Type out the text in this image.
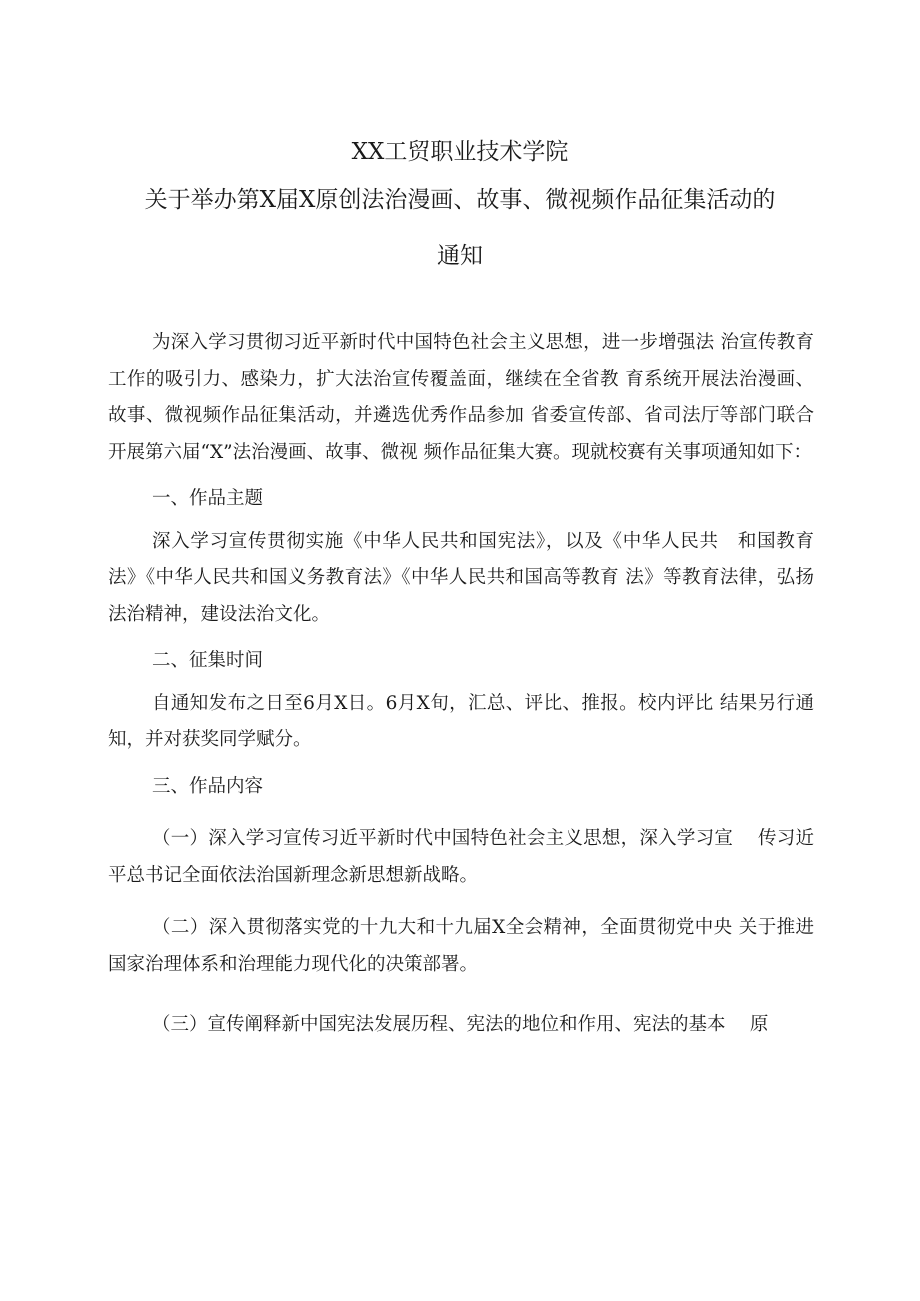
XX工贸职业技术学院
关于举办第X届X原创法治漫画、故事、微视频作品征集活动的
通知

为深入学习贯彻习近平新时代中国特色社会主义思想，进一步增强法 治宣传教育工作的吸引力、感染力，扩大法治宣传覆盖面，继续在全省教 育系统开展法治漫画、故事、微视频作品征集活动，并遴选优秀作品参加 省委宣传部、省司法厅等部门联合开展第六届“X”法治漫画、故事、微视 频作品征集大赛。现就校赛有关事项通知如下：

一、作品主题

深入学习宣传贯彻实施《中华人民共和国宪法》，以及《中华人民共　和国教育法》《中华人民共和国义务教育法》《中华人民共和国高等教育 法》等教育法律，弘扬法治精神，建设法治文化。

二、征集时间

自通知发布之日至6月X日。6月X旬，汇总、评比、推报。校内评比 结果另行通知，并对获奖同学赋分。

三、作品内容

（一）深入学习宣传习近平新时代中国特色社会主义思想，深入学习宣　 传习近平总书记全面依法治国新理念新思想新战略。

（二）深入贯彻落实党的十九大和十九届X全会精神，全面贯彻党中央 关于推进国家治理体系和治理能力现代化的决策部署。

（三）宣传阐释新中国宪法发展历程、宪法的地位和作用、宪法的基本　 原
